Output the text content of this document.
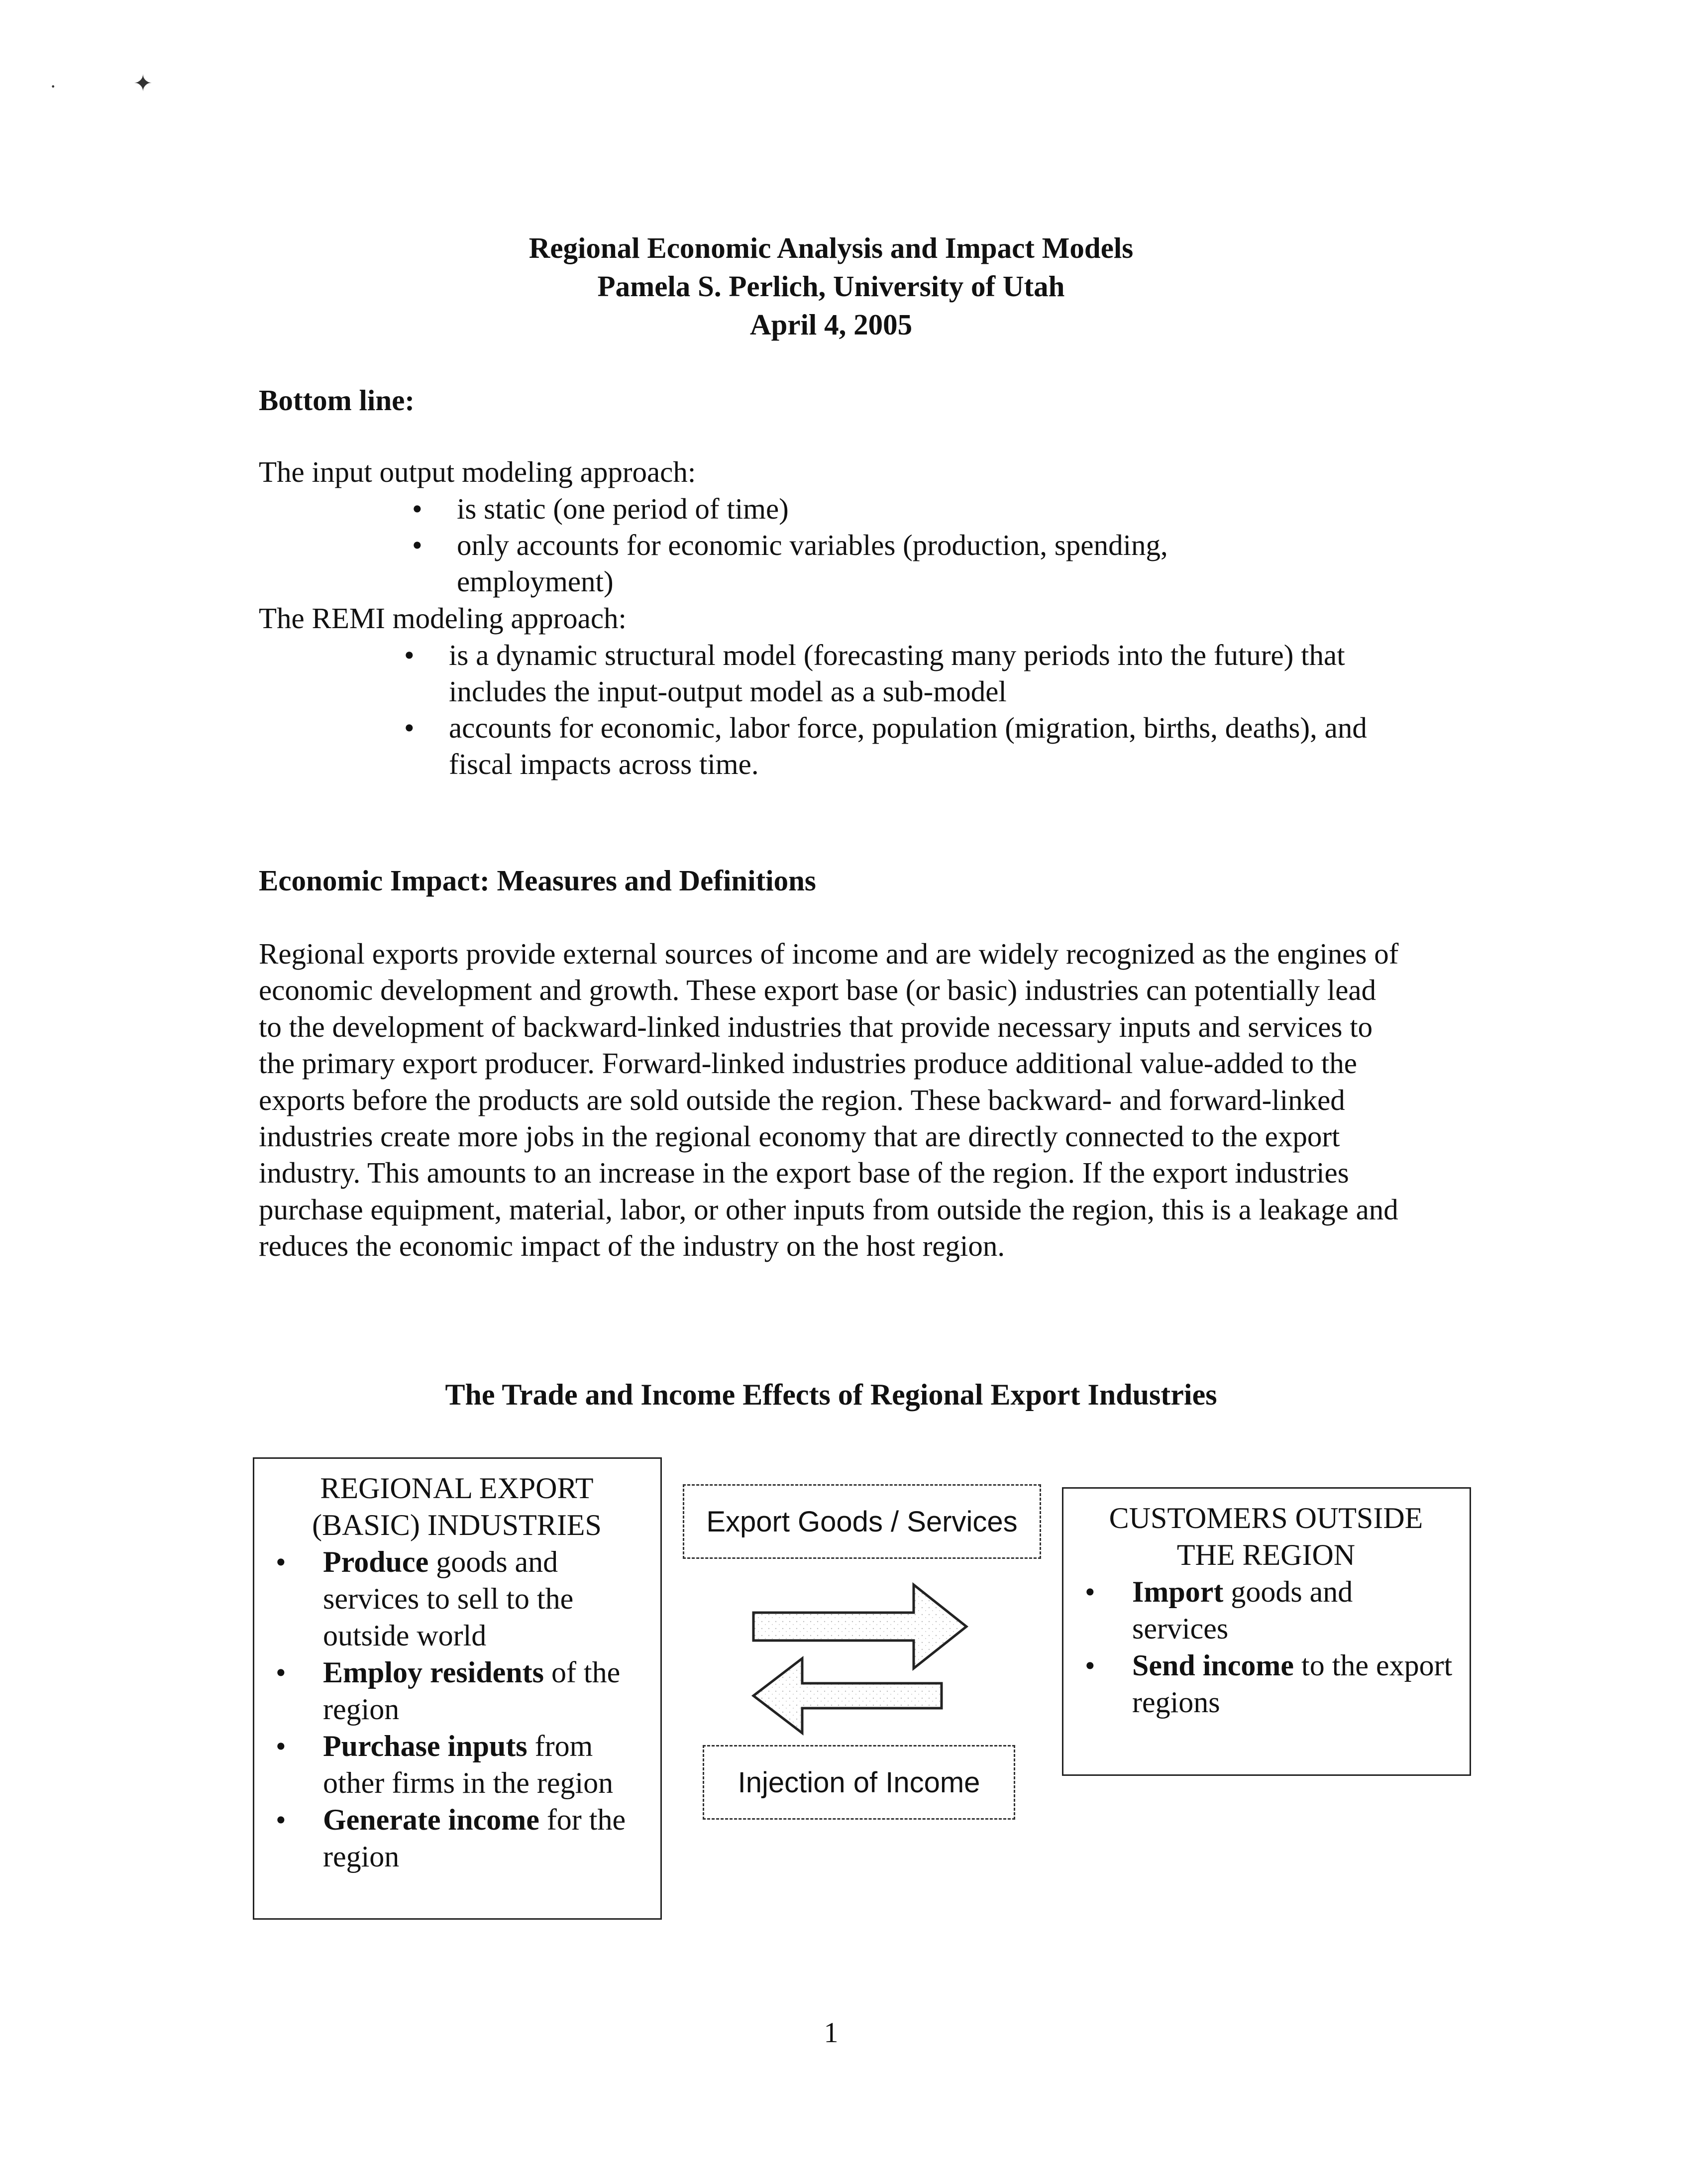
·	✦
Regional Economic Analysis and Impact Models
Pamela S. Perlich, University of Utah
April 4, 2005
Bottom line:
The input output modeling approach:
• is static (one period of time)
• only accounts for economic variables (production, spending, employment)
The REMI modeling approach:
• is a dynamic structural model (forecasting many periods into the future) that includes the input-output model as a sub-model
• accounts for economic, labor force, population (migration, births, deaths), and fiscal impacts across time.
Economic Impact: Measures and Definitions
Regional exports provide external sources of income and are widely recognized as the engines of economic development and growth. These export base (or basic) industries can potentially lead to the development of backward-linked industries that provide necessary inputs and services to the primary export producer. Forward-linked industries produce additional value-added to the exports before the products are sold outside the region. These backward- and forward-linked industries create more jobs in the regional economy that are directly connected to the export industry. This amounts to an increase in the export base of the region. If the export industries purchase equipment, material, labor, or other inputs from outside the region, this is a leakage and reduces the economic impact of the industry on the host region.
The Trade and Income Effects of Regional Export Industries
REGIONAL EXPORT
(BASIC) INDUSTRIES
• Produce goods and services to sell to the outside world
• Employ residents of the region
• Purchase inputs from other firms in the region
• Generate income for the region
Export Goods / Services
Injection of Income
CUSTOMERS OUTSIDE
THE REGION
• Import goods and services
• Send income to the export regions
1
